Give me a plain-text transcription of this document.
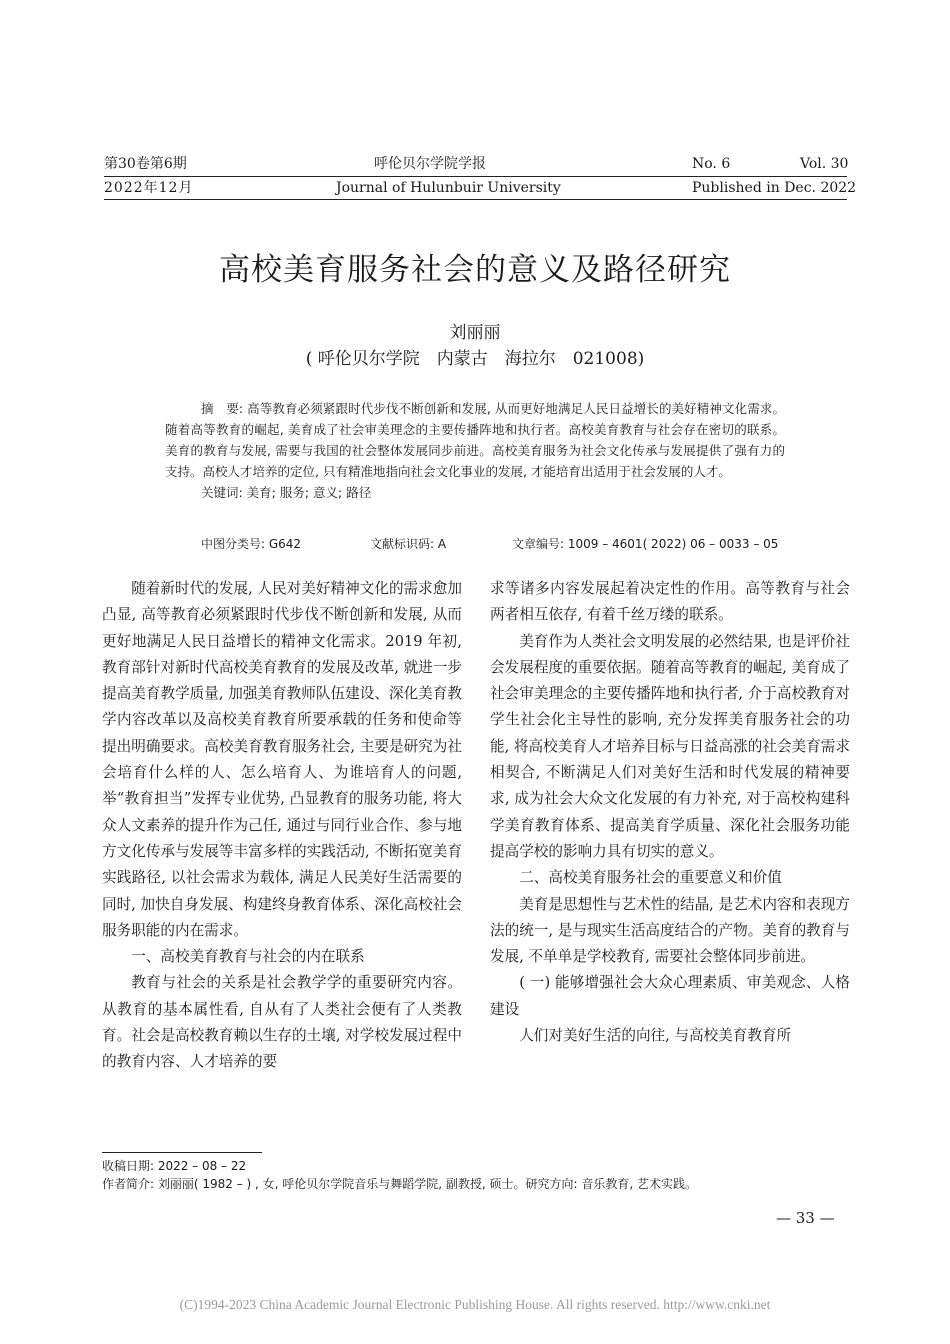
第30卷第6期	呼伦贝尔学院学报	No. 6	Vol. 30
2022年12月	Journal of Hulunbuir University	Published in Dec. 2022
高校美育服务社会的意义及路径研究
刘丽丽
( 呼伦贝尔学院　内蒙古　海拉尔　021008)

摘　要: 高等教育必须紧跟时代步伐不断创新和发展, 从而更好地满足人民日益增长的美好精神文化需求。随着高等教育的崛起, 美育成了社会审美理念的主要传播阵地和执行者。高校美育教育与社会存在密切的联系。美育的教育与发展, 需要与我国的社会整体发展同步前进。高校美育服务为社会文化传承与发展提供了强有力的支持。高校人才培养的定位, 只有精准地指向社会文化事业的发展, 才能培育出适用于社会发展的人才。

关键词: 美育; 服务; 意义; 路径

中图分类号: G642	文献标识码: A	文章编号: 1009 – 4601( 2022) 06 – 0033 – 05

随着新时代的发展, 人民对美好精神文化的需求愈加凸显, 高等教育必须紧跟时代步伐不断创新和发展, 从而更好地满足人民日益增长的精神文化需求。2019 年初, 教育部针对新时代高校美育教育的发展及改革, 就进一步提高美育教学质量, 加强美育教师队伍建设、深化美育教学内容改革以及高校美育教育所要承载的任务和使命等提出明确要求。高校美育教育服务社会, 主要是研究为社会培育什么样的人、怎么培育人、为谁培育人的问题, 举“教育担当”发挥专业优势, 凸显教育的服务功能, 将大众人文素养的提升作为己任, 通过与同行业合作、参与地方文化传承与发展等丰富多样的实践活动, 不断拓宽美育实践路径, 以社会需求为载体, 满足人民美好生活需要的同时, 加快自身发展、构建终身教育体系、深化高校社会服务职能的内在需求。

一、高校美育教育与社会的内在联系

教育与社会的关系是社会教学学的重要研究内容。从教育的基本属性看, 自从有了人类社会便有了人类教育。社会是高校教育赖以生存的土壤, 对学校发展过程中的教育内容、人才培养的要

求等诸多内容发展起着决定性的作用。高等教育与社会两者相互依存, 有着千丝万缕的联系。

美育作为人类社会文明发展的必然结果, 也是评价社会发展程度的重要依据。随着高等教育的崛起, 美育成了社会审美理念的主要传播阵地和执行者, 介于高校教育对学生社会化主导性的影响, 充分发挥美育服务社会的功能, 将高校美育人才培养目标与日益高涨的社会美育需求相契合, 不断满足人们对美好生活和时代发展的精神要求, 成为社会大众文化发展的有力补充, 对于高校构建科学美育教育体系、提高美育学质量、深化社会服务功能提高学校的影响力具有切实的意义。

二、高校美育服务社会的重要意义和价值

美育是思想性与艺术性的结晶, 是艺术内容和表现方法的统一, 是与现实生活高度结合的产物。美育的教育与发展, 不单单是学校教育, 需要社会整体同步前进。

( 一) 能够增强社会大众心理素质、审美观念、人格建设

人们对美好生活的向往, 与高校美育教育所

收稿日期: 2022 – 08 – 22
作者简介: 刘丽丽( 1982 – ) , 女, 呼伦贝尔学院音乐与舞蹈学院, 副教授, 硕士。研究方向: 音乐教育, 艺术实践。
— 33 —
(C)1994-2023 China Academic Journal Electronic Publishing House. All rights reserved. http://www.cnki.net
